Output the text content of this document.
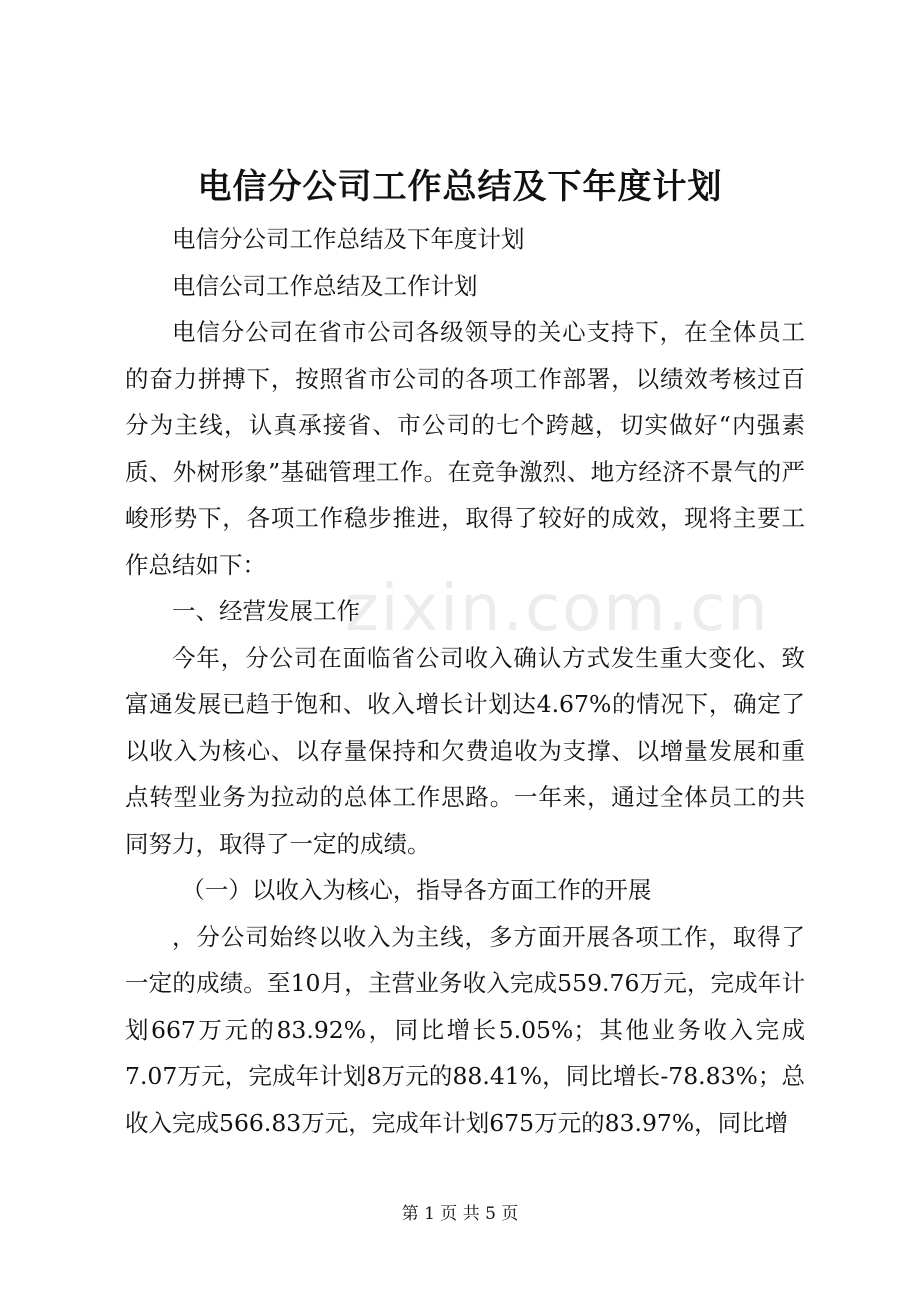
电信分公司工作总结及下年度计划

电信分公司工作总结及下年度计划

电信公司工作总结及工作计划

电信分公司在省市公司各级领导的关心支持下，在全体员工的奋力拼搏下，按照省市公司的各项工作部署，以绩效考核过百分为主线，认真承接省、市公司的七个跨越，切实做好“内强素质、外树形象”基础管理工作。在竞争激烈、地方经济不景气的严峻形势下，各项工作稳步推进，取得了较好的成效，现将主要工作总结如下：

一、经营发展工作

今年，分公司在面临省公司收入确认方式发生重大变化、致富通发展已趋于饱和、收入增长计划达4.67%的情况下，确定了以收入为核心、以存量保持和欠费追收为支撑、以增量发展和重点转型业务为拉动的总体工作思路。一年来，通过全体员工的共同努力，取得了一定的成绩。

（一）以收入为核心，指导各方面工作的开展

，分公司始终以收入为主线，多方面开展各项工作，取得了一定的成绩。至10月，主营业务收入完成559.76万元，完成年计划667万元的83.92%，同比增长5.05%；其他业务收入完成7.07万元，完成年计划8万元的88.41%，同比增长-78.83%；总收入完成566.83万元，完成年计划675万元的83.97%，同比增

zixin.com.cn
第 1 页 共 5 页
